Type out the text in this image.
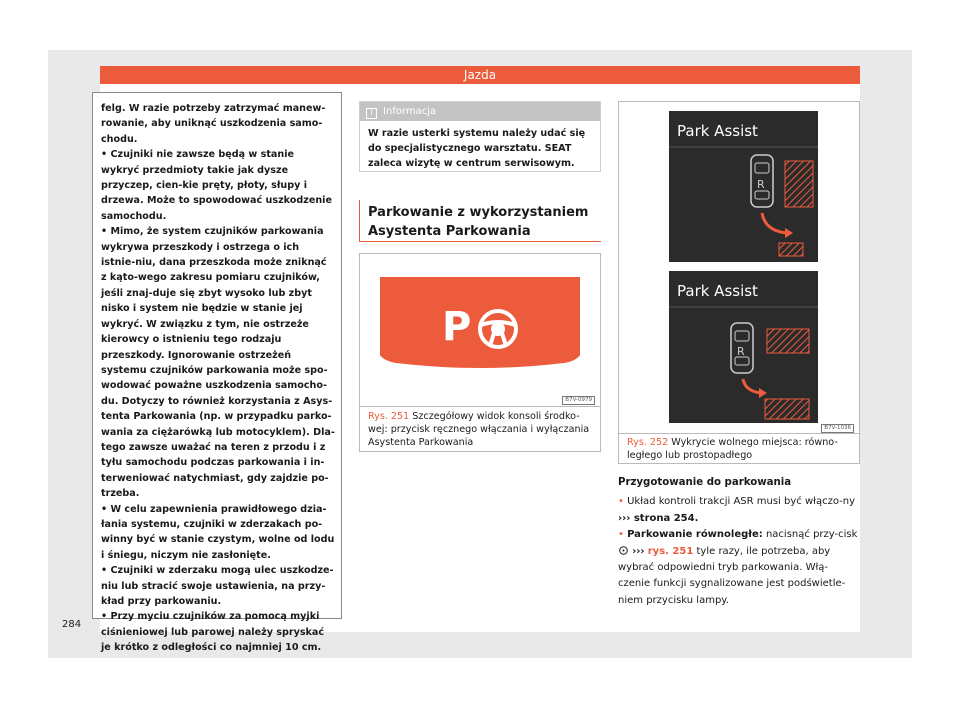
Jazda
284

felg. W razie potrzeby zatrzymać manew-rowanie, aby uniknąć uszkodzenia samo-chodu.

• Czujniki nie zawsze będą w stanie wykryć przedmioty takie jak dysze przyczep, cien-kie pręty, płoty, słupy i drzewa. Może to spowodować uszkodzenie samochodu.

• Mimo, że system czujników parkowania wykrywa przeszkody i ostrzega o ich istnie-niu, dana przeszkoda może zniknąć z kąto-wego zakresu pomiaru czujników, jeśli znaj-duje się zbyt wysoko lub zbyt nisko i system nie będzie w stanie jej wykryć. W związku z tym, nie ostrzeże kierowcy o istnieniu tego rodzaju przeszkody. Ignorowanie ostrzeżeń systemu czujników parkowania może spo-wodować poważne uszkodzenia samocho-du. Dotyczy to również korzystania z Asys-tenta Parkowania (np. w przypadku parko-wania za ciężarówką lub motocyklem). Dla-tego zawsze uważać na teren z przodu i z tyłu samochodu podczas parkowania i in-terweniować natychmiast, gdy zajdzie po-trzeba.

• W celu zapewnienia prawidłowego dzia-łania systemu, czujniki w zderzakach po-winny być w stanie czystym, wolne od lodu i śniegu, niczym nie zasłonięte.

• Czujniki w zderzaku mogą ulec uszkodze-niu lub stracić swoje ustawienia, na przy-kład przy parkowaniu.

• Przy myciu czujników za pomocą myjki ciśnieniowej lub parowej należy spryskać je krótko z odległości co najmniej 10 cm.

i Informacja
W razie usterki systemu należy udać się do specjalistycznego warsztatu. SEAT zaleca wizytę w centrum serwisowym.
Parkowanie z wykorzystaniem Asystenta Parkowania
P
B7V-0979
Rys. 251 Szczegółowy widok konsoli środko-wej: przycisk ręcznego włączania i wyłączania Asystenta Parkowania
Park Assist
R
Park Assist
R
B7V-1036
Rys. 252 Wykrycie wolnego miejsca: równo-ległego lub prostopadłego
Przygotowanie do parkowania
• Układ kontroli trakcji ASR musi być włączo-ny ››› strona 254.
• Parkowanie równoległe: nacisnąć przy-cisk  ››› rys. 251 tyle razy, ile potrzeba, aby wybrać odpowiedni tryb parkowania. Włą-czenie funkcji sygnalizowane jest podświetle-niem przycisku lampy.
